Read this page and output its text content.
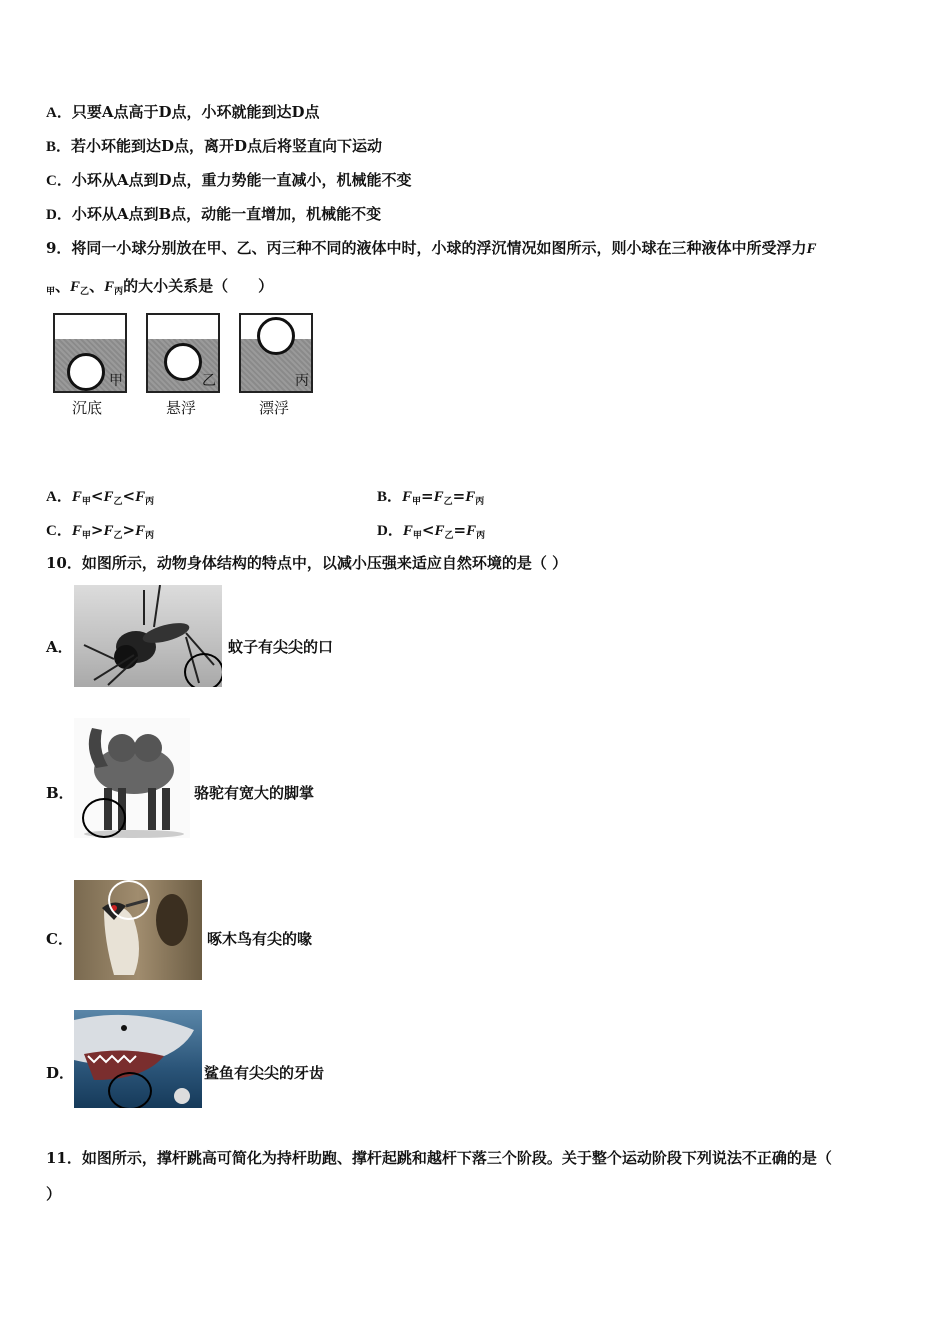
A．只要A点高于D点，小环就能到达D点
B．若小环能到达D点，离开D点后将竖直向下运动
C．小环从A点到D点，重力势能一直减小，机械能不变
D．小环从A点到B点，动能一直增加，机械能不变
9．将同一小球分别放在甲、乙、丙三种不同的液体中时，小球的浮沉情况如图所示，则小球在三种液体中所受浮力F
$_甲$、$F_乙$、$F_丙$的大小关系是（　　）
甲
沉底
乙
悬浮
丙
漂浮
A．$F_甲<F_乙<F_丙$	B．$F_甲=F_乙=F_丙$
C．$F_甲>F_乙>F_丙$	D．$F_甲<F_乙=F_丙$
10．如图所示，动物身体结构的特点中，以减小压强来适应自然环境的是（ ）
A．	蚊子有尖尖的口
B．	骆驼有宽大的脚掌
C．	啄木鸟有尖的喙
D．	鲨鱼有尖尖的牙齿
11．如图所示，撑杆跳高可简化为持杆助跑、撑杆起跳和越杆下落三个阶段。关于整个运动阶段下列说法不正确的是（
）
